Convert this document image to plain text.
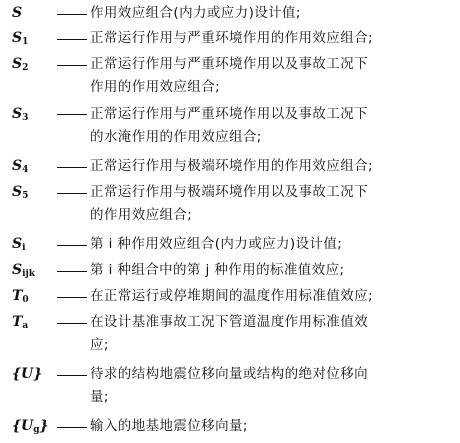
S	作用效应组合(内力或应力)设计值;
$S_1$	正常运行作用与严重环境作用的作用效应组合;
$S_2$	正常运行作用与严重环境作用以及事故工况下
作用的作用效应组合;
$S_3$	正常运行作用与严重环境作用以及事故工况下
的水淹作用的作用效应组合;
$S_4$	正常运行作用与极端环境作用的作用效应组合;
$S_5$	正常运行作用与极端环境作用以及事故工况下
的作用效应组合;
$S_i$	第 i 种作用效应组合(内力或应力)设计值;
$S_{ijk}$	第 i 种组合中的第 j 种作用的标准值效应;
$T_0$	在正常运行或停堆期间的温度作用标准值效应;
$T_a$	在设计基准事故工况下管道温度作用标准值效
应;
{U}	待求的结构地震位移向量或结构的绝对位移向
量;
$\{U_g\}$	输入的地基地震位移向量;
